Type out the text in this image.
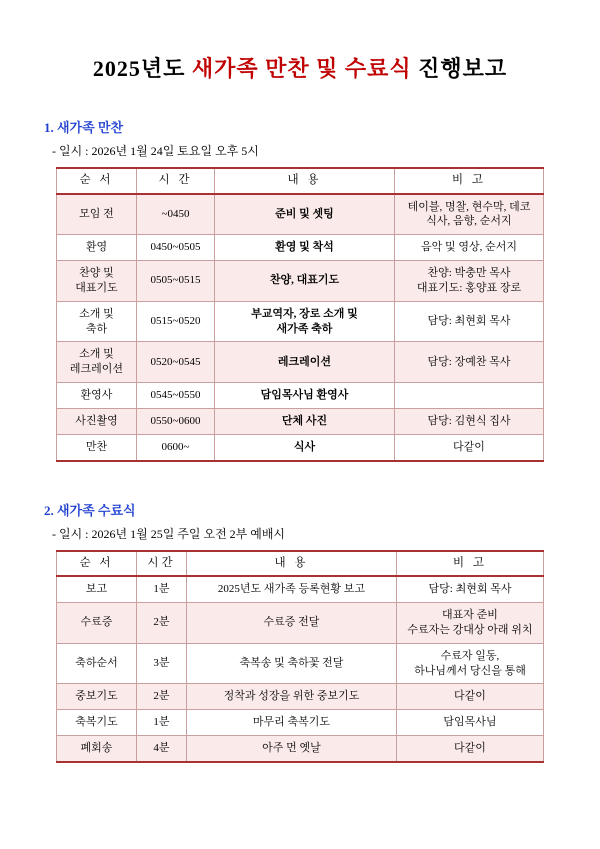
2025년도 새가족 만찬 및 수료식 진행보고
1. 새가족 만찬
- 일시 : 2026년 1월 24일 토요일 오후 5시
순 서	시 간	내 용	비 고
모임 전	~0450	준비 및 셋팅	테이블, 명찰, 현수막, 데코
식사, 음향, 순서지

환영	0450~0505	환영 및 착석	음악 및 영상, 순서지

찬양 및
대표기도	0505~0515	찬양, 대표기도	찬양: 박충만 목사
대표기도: 홍양표 장로

소개 및
축하	0515~0520	부교역자, 장로 소개 및
새가족 축하	담당: 최현회 목사

소개 및
레크레이션	0520~0545	레크레이션	담당: 장예찬 목사

환영사	0545~0550	담임목사님 환영사	

사진촬영	0550~0600	단체 사진	담당: 김현식 집사

만찬	0600~	식사	다같이
2. 새가족 수료식
- 일시 : 2026년 1월 25일 주일 오전 2부 예배시
순 서	시간	내 용	비 고
보고	1분	2025년도 새가족 등록현황 보고	담당: 최현회 목사

수료증	2분	수료증 전달	대표자 준비
수료자는 강대상 아래 위치

축하순서	3분	축복송 및 축하꽃 전달	수료자 일동,
하나님께서 당신을 통해

중보기도	2분	정착과 성장을 위한 중보기도	다같이

축복기도	1분	마무리 축복기도	담임목사님

폐회송	4분	아주 먼 옛날	다같이
